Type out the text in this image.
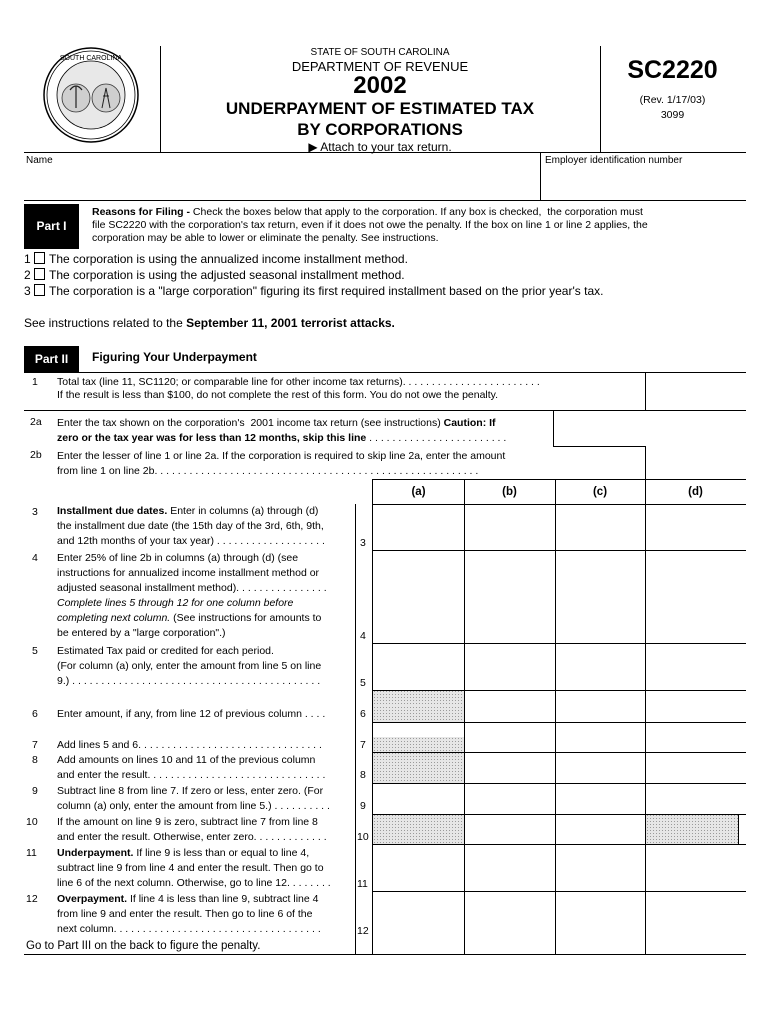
SOUTH CAROLINA
STATE OF SOUTH CAROLINA
DEPARTMENT OF REVENUE
2002
UNDERPAYMENT OF ESTIMATED TAX
BY CORPORATIONS
▶ Attach to your tax return.
SC2220
(Rev. 1/17/03)
3099
Name	Employer identification number
Part I
Reasons for Filing - Check the boxes below that apply to the corporation. If any box is checked,  the corporation must
file SC2220 with the corporation's tax return, even if it does not owe the penalty. If the box on line 1 or line 2 applies, the
corporation may be able to lower or eliminate the penalty. See instructions.
1 The corporation is using the annualized income installment method.
2 The corporation is using the adjusted seasonal installment method.
3 The corporation is a "large corporation" figuring its first required installment based on the prior year's tax.
See instructions related to the September 11, 2001 terrorist attacks.
Part II	Figuring Your Underpayment
1 Total tax (line 11, SC1120; or comparable line for other income tax returns). . . . . . . . . . . . . . . . . . . . . . . .
If the result is less than $100, do not complete the rest of this form. You do not owe the penalty.
2a Enter the tax shown on the corporation's  2001 income tax return (see instructions) Caution: If
zero or the tax year was for less than 12 months, skip this line . . . . . . . . . . . . . . . . . . . . . . . .
2b Enter the lesser of line 1 or line 2a. If the corporation is required to skip line 2a, enter the amount
from line 1 on line 2b. . . . . . . . . . . . . . . . . . . . . . . . . . . . . . . . . . . . . . . . . . . . . . . . . . . . . . . .
(a)	(b)	(c)	(d)
3 Installment due dates. Enter in columns (a) through (d)
the installment due date (the 15th day of the 3rd, 6th, 9th,
and 12th months of your tax year) . . . . . . . . . . . . . . . . . . .	3
4 Enter 25% of line 2b in columns (a) through (d) (see
instructions for annualized income installment method or
adjusted seasonal installment method). . . . . . . . . . . . . . . .
Complete lines 5 through 12 for one column before
completing next column. (See instructions for amounts to
be entered by a "large corporation".)	4
5 Estimated Tax paid or credited for each period.
(For column (a) only, enter the amount from line 5 on line
9.) . . . . . . . . . . . . . . . . . . . . . . . . . . . . . . . . . . . . . . . . . . .	5
6 Enter amount, if any, from line 12 of previous column . . . .	6
7 Add lines 5 and 6. . . . . . . . . . . . . . . . . . . . . . . . . . . . . . . .	7
8 Add amounts on lines 10 and 11 of the previous column
and enter the result. . . . . . . . . . . . . . . . . . . . . . . . . . . . . . .	8
9 Subtract line 8 from line 7. If zero or less, enter zero. (For
column (a) only, enter the amount from line 5.) . . . . . . . . . .	9
10 If the amount on line 9 is zero, subtract line 7 from line 8
and enter the result. Otherwise, enter zero. . . . . . . . . . . . .	10
11 Underpayment. If line 9 is less than or equal to line 4,
subtract line 9 from line 4 and enter the result. Then go to
line 6 of the next column. Otherwise, go to line 12. . . . . . . .	11
12 Overpayment. If line 4 is less than line 9, subtract line 4
from line 9 and enter the result. Then go to line 6 of the
next column. . . . . . . . . . . . . . . . . . . . . . . . . . . . . . . . . . . .	12
Go to Part III on the back to figure the penalty.
